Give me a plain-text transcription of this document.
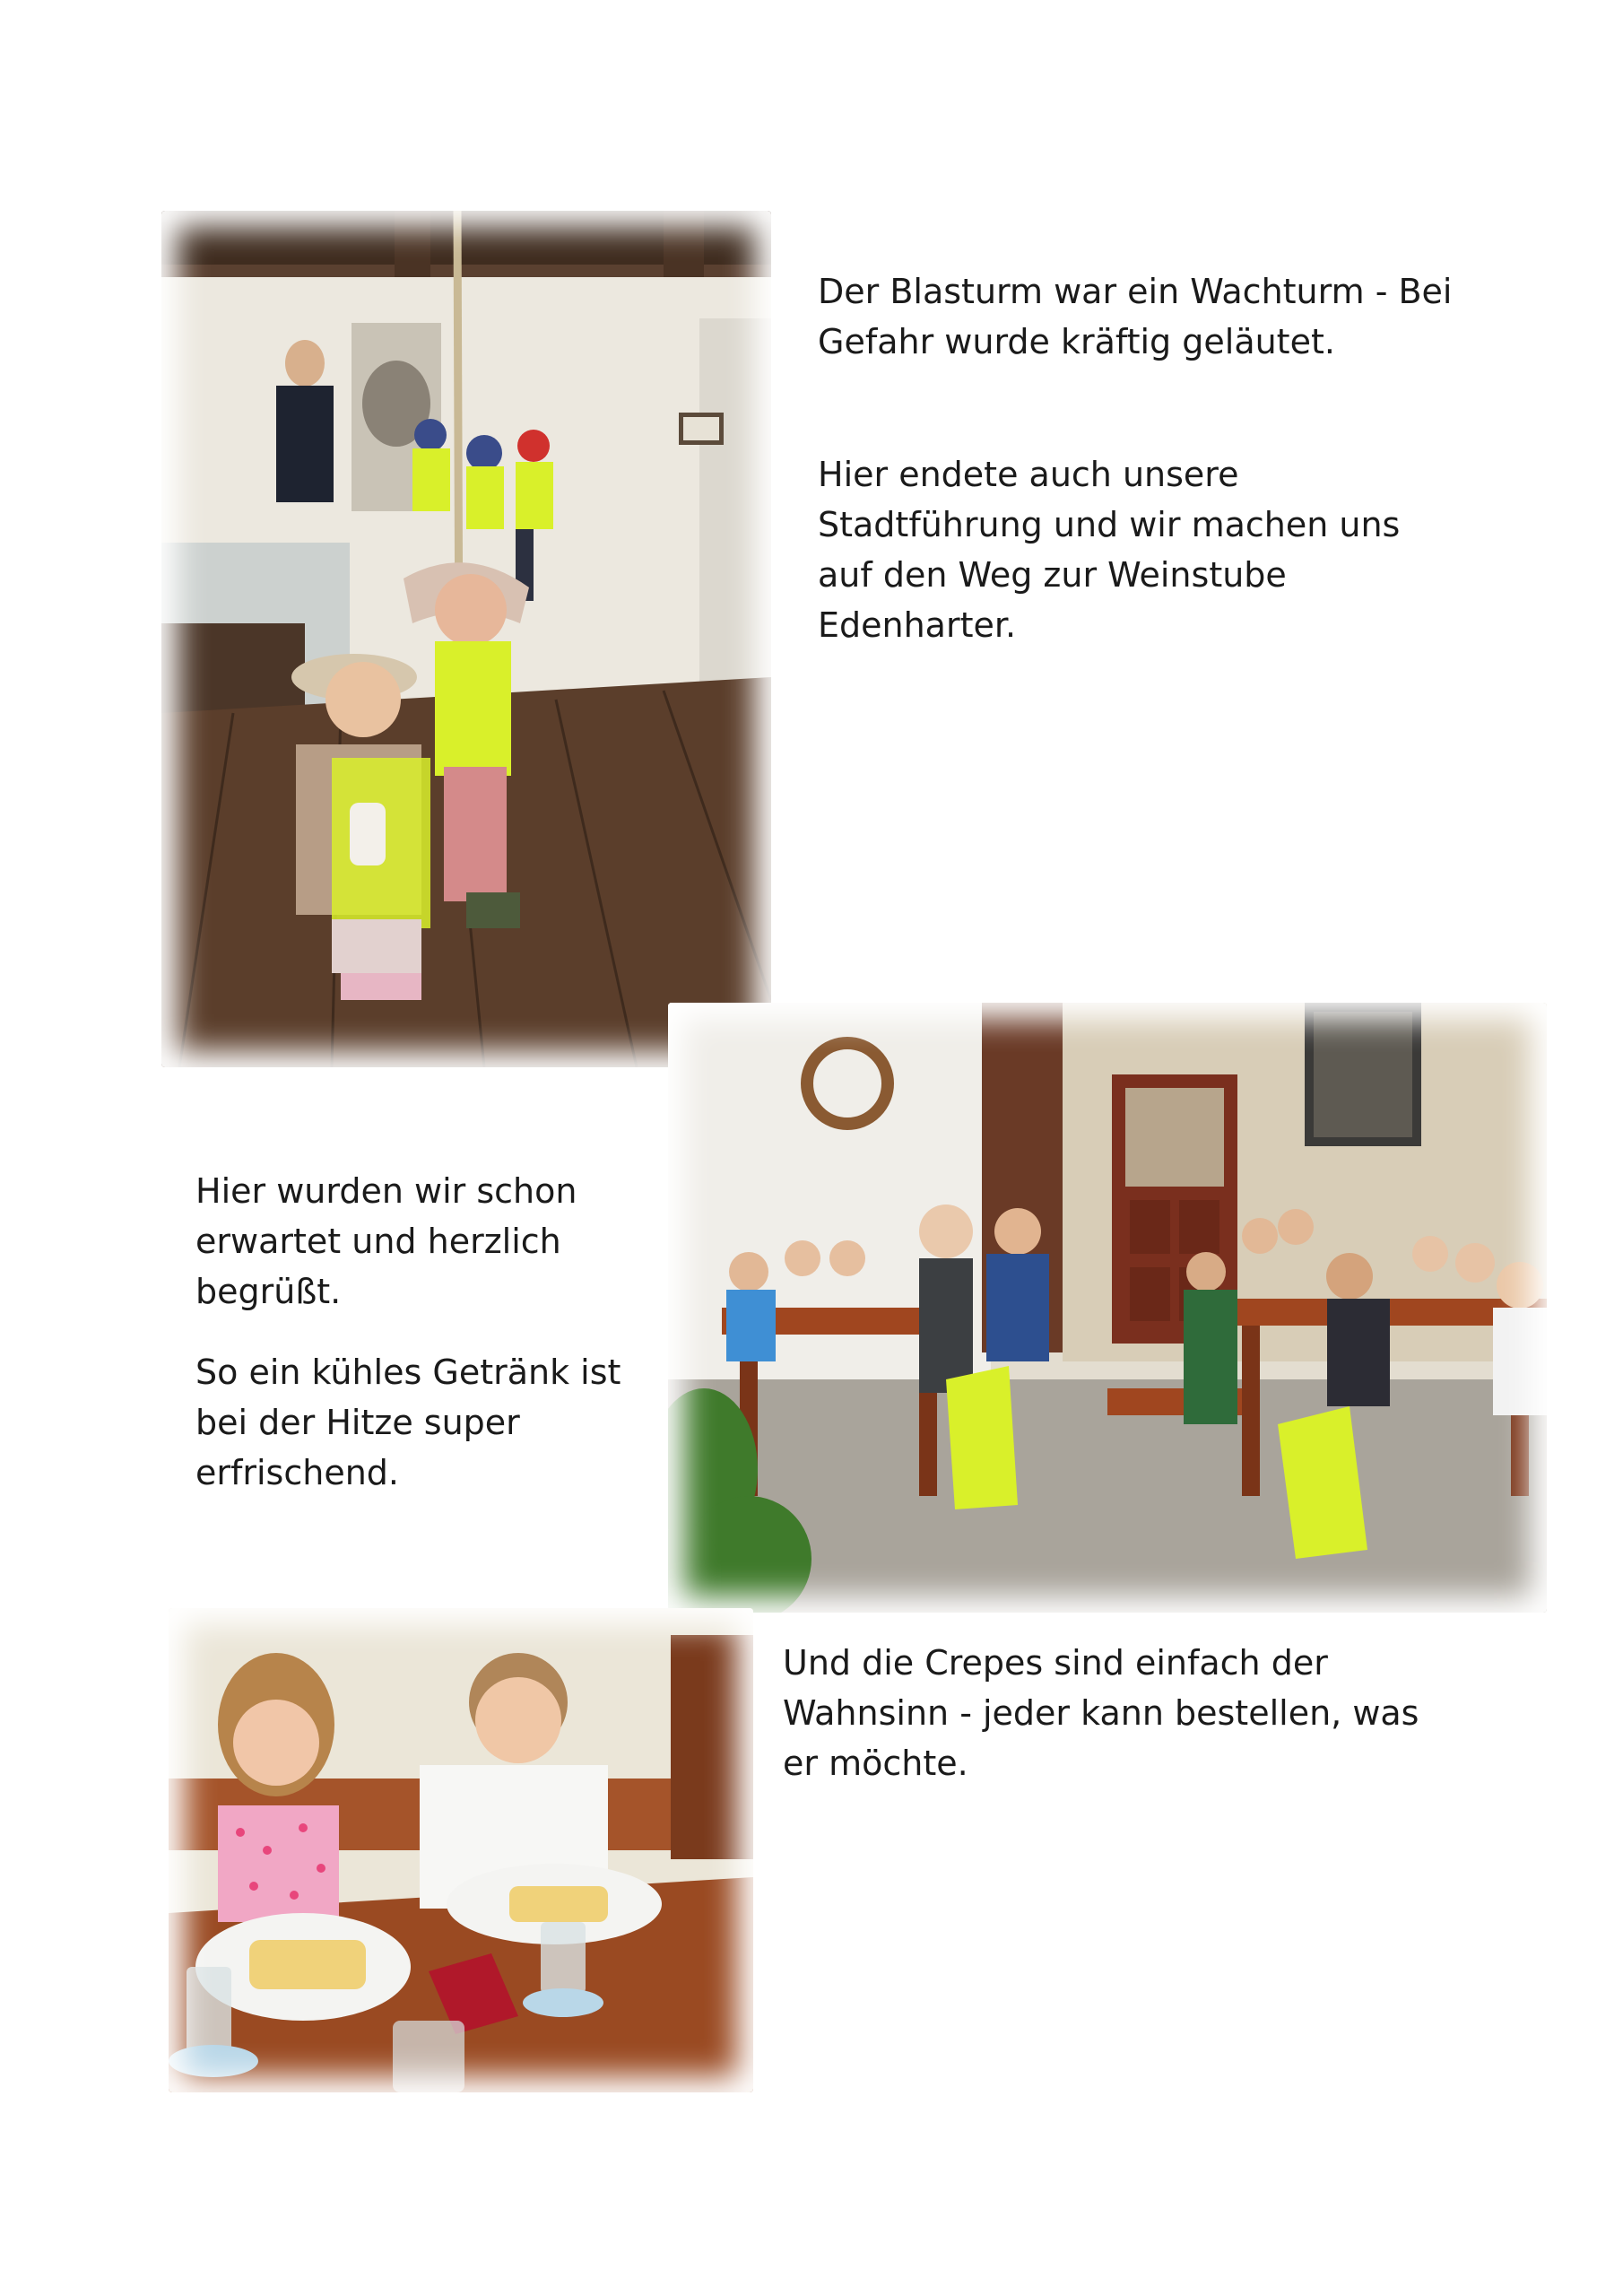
Der Blasturm war ein Wachturm - Bei Gefahr wurde kräftig geläutet.

Hier endete auch unsere Stadtführung und wir machen uns auf den Weg zur Weinstube Edenharter.

Hier wurden wir schon erwartet und herzlich begrüßt.

So ein kühles Getränk ist bei der Hitze super erfrischend.

Und die Crepes sind einfach der Wahnsinn - jeder kann bestellen, was er möchte.
